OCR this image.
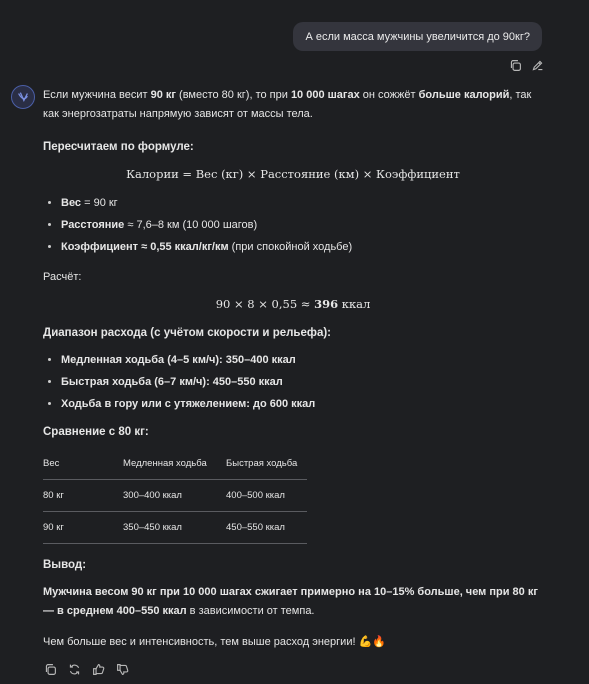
А если масса мужчины увеличится до 90кг?

Если мужчина весит 90 кг (вместо 80 кг), то при 10 000 шагах он сожжёт больше калорий, так как энергозатраты напрямую зависят от массы тела.

Пересчитаем по формуле:

Калории = Вес (кг) × Расстояние (км) × Коэффициент

• Вес = 90 кг
• Расстояние ≈ 7,6–8 км (10 000 шагов)
• Коэффициент ≈ 0,55 ккал/кг/км (при спокойной ходьбе)

Расчёт:

90 × 8 × 0,55 ≈ 396 ккал

Диапазон расхода (с учётом скорости и рельефа):

• Медленная ходьба (4–5 км/ч): 350–400 ккал
• Быстрая ходьба (6–7 км/ч): 450–550 ккал
• Ходьба в гору или с утяжелением: до 600 ккал

Сравнение с 80 кг:

Вес	Медленная ходьба	Быстрая ходьба
80 кг	300–400 ккал	400–500 ккал
90 кг	350–450 ккал	450–550 ккал

Вывод:

Мужчина весом 90 кг при 10 000 шагах сжигает примерно на 10–15% больше, чем при 80 кг — в среднем 400–550 ккал в зависимости от темпа.

Чем больше вес и интенсивность, тем выше расход энергии! 💪🔥
